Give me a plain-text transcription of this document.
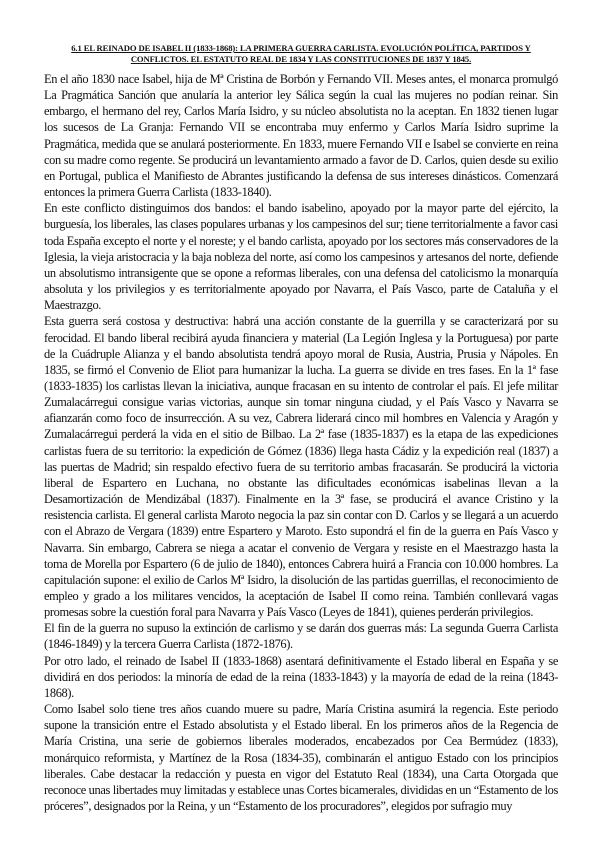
6.1 EL REINADO DE ISABEL II (1833-1868): LA PRIMERA GUERRA CARLISTA. EVOLUCIÓN POLÍTICA, PARTIDOS Y CONFLICTOS. EL ESTATUTO REAL DE 1834 Y LAS CONSTITUCIONES DE 1837 Y 1845.

En el año 1830 nace Isabel, hija de Mª Cristina de Borbón y Fernando VII. Meses antes, el monarca promulgó La Pragmática Sanción que anularía la anterior ley Sálica según la cual las mujeres no podían reinar. Sin embargo, el hermano del rey, Carlos María Isidro, y su núcleo absolutista no la aceptan. En 1832 tienen lugar los sucesos de La Granja: Fernando VII se encontraba muy enfermo y Carlos María Isidro suprime la Pragmática, medida que se anulará posteriormente. En 1833, muere Fernando VII e Isabel se convierte en reina con su madre como regente. Se producirá un levantamiento armado a favor de D. Carlos, quien desde su exilio en Portugal, publica el Manifiesto de Abrantes justificando la defensa de sus intereses dinásticos. Comenzará entonces la primera Guerra Carlista (1833-1840).

En este conflicto distinguimos dos bandos: el bando isabelino, apoyado por la mayor parte del ejército, la burguesía, los liberales, las clases populares urbanas y los campesinos del sur; tiene territorialmente a favor casi toda España excepto el norte y el noreste; y el bando carlista, apoyado por los sectores más conservadores de la Iglesia, la vieja aristocracia y la baja nobleza del norte, así como los campesinos y artesanos del norte, defiende un absolutismo intransigente que se opone a reformas liberales, con una defensa del catolicismo la monarquía absoluta y los privilegios y es territorialmente apoyado por Navarra, el País Vasco, parte de Cataluña y el Maestrazgo.

Esta guerra será costosa y destructiva: habrá una acción constante de la guerrilla y se caracterizará por su ferocidad. El bando liberal recibirá ayuda financiera y material (La Legión Inglesa y la Portuguesa) por parte de la Cuádruple Alianza y el bando absolutista tendrá apoyo moral de Rusia, Austria, Prusia y Nápoles. En 1835, se firmó el Convenio de Eliot para humanizar la lucha. La guerra se divide en tres fases. En la 1ª fase (1833-1835) los carlistas llevan la iniciativa, aunque fracasan en su intento de controlar el país. El jefe militar Zumalacárregui consigue varias victorias, aunque sin tomar ninguna ciudad, y el País Vasco y Navarra se afianzarán como foco de insurrección. A su vez, Cabrera liderará cinco mil hombres en Valencia y Aragón y Zumalacárregui perderá la vida en el sitio de Bilbao. La 2ª fase (1835-1837) es la etapa de las expediciones carlistas fuera de su territorio: la expedición de Gómez (1836) llega hasta Cádiz y la expedición real (1837) a las puertas de Madrid; sin respaldo efectivo fuera de su territorio ambas fracasarán. Se producirá la victoria liberal de Espartero en Luchana, no obstante las dificultades económicas isabelinas llevan a la Desamortización de Mendizábal (1837). Finalmente en la 3ª fase, se producirá el avance Cristino y la resistencia carlista. El general carlista Maroto negocia la paz sin contar con D. Carlos y se llegará a un acuerdo con el Abrazo de Vergara (1839) entre Espartero y Maroto. Esto supondrá el fin de la guerra en País Vasco y Navarra. Sin embargo, Cabrera se niega a acatar el convenio de Vergara y resiste en el Maestrazgo hasta la toma de Morella por Espartero (6 de julio de 1840), entonces Cabrera huirá a Francia con 10.000 hombres. La capitulación supone: el exilio de Carlos Mª Isidro, la disolución de las partidas guerrillas, el reconocimiento de empleo y grado a los militares vencidos, la aceptación de Isabel II como reina. También conllevará vagas promesas sobre la cuestión foral para Navarra y País Vasco (Leyes de 1841), quienes perderán privilegios.

El fin de la guerra no supuso la extinción de carlismo y se darán dos guerras más: La segunda Guerra Carlista (1846-1849) y la tercera Guerra Carlista (1872-1876).

Por otro lado, el reinado de Isabel II (1833-1868) asentará definitivamente el Estado liberal en España y se dividirá en dos periodos: la minoría de edad de la reina (1833-1843) y la mayoría de edad de la reina (1843-1868).

Como Isabel solo tiene tres años cuando muere su padre, María Cristina asumirá la regencia. Este periodo supone la transición entre el Estado absolutista y el Estado liberal. En los primeros años de la Regencia de María Cristina, una serie de gobiernos liberales moderados, encabezados por Cea Bermúdez (1833), monárquico reformista, y Martínez de la Rosa (1834-35), combinarán el antiguo Estado con los principios liberales. Cabe destacar la redacción y puesta en vigor del Estatuto Real (1834), una Carta Otorgada que reconoce unas libertades muy limitadas y establece unas Cortes bicamerales, divididas en un “Estamento de los próceres”, designados por la Reina, y un “Estamento de los procuradores”, elegidos por sufragio muy
